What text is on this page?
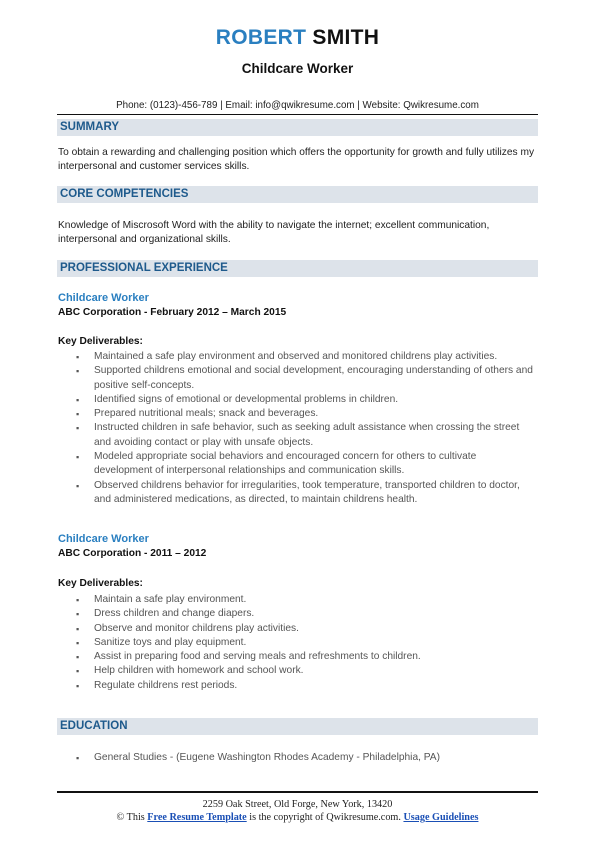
ROBERT SMITH
Childcare Worker
Phone: (0123)-456-789 | Email: info@qwikresume.com | Website: Qwikresume.com
SUMMARY
To obtain a rewarding and challenging position which offers the opportunity for growth and fully utilizes my interpersonal and customer services skills.
CORE COMPETENCIES
Knowledge of Miscrosoft Word with the ability to navigate the internet; excellent communication, interpersonal and organizational skills.
PROFESSIONAL EXPERIENCE
Childcare Worker
ABC Corporation - February 2012 – March 2015
Key Deliverables:
▪ Maintained a safe play environment and observed and monitored childrens play activities.
▪ Supported childrens emotional and social development, encouraging understanding of others and positive self-concepts.
▪ Identified signs of emotional or developmental problems in children.
▪ Prepared nutritional meals; snack and beverages.
▪ Instructed children in safe behavior, such as seeking adult assistance when crossing the street and avoiding contact or play with unsafe objects.
▪ Modeled appropriate social behaviors and encouraged concern for others to cultivate development of interpersonal relationships and communication skills.
▪ Observed childrens behavior for irregularities, took temperature, transported children to doctor, and administered medications, as directed, to maintain childrens health.
Childcare Worker
ABC Corporation - 2011 – 2012
Key Deliverables:
▪ Maintain a safe play environment.
▪ Dress children and change diapers.
▪ Observe and monitor childrens play activities.
▪ Sanitize toys and play equipment.
▪ Assist in preparing food and serving meals and refreshments to children.
▪ Help children with homework and school work.
▪ Regulate childrens rest periods.
EDUCATION
▪ General Studies - (Eugene Washington Rhodes Academy - Philadelphia, PA)
2259 Oak Street, Old Forge, New York, 13420
© This Free Resume Template is the copyright of Qwikresume.com. Usage Guidelines
